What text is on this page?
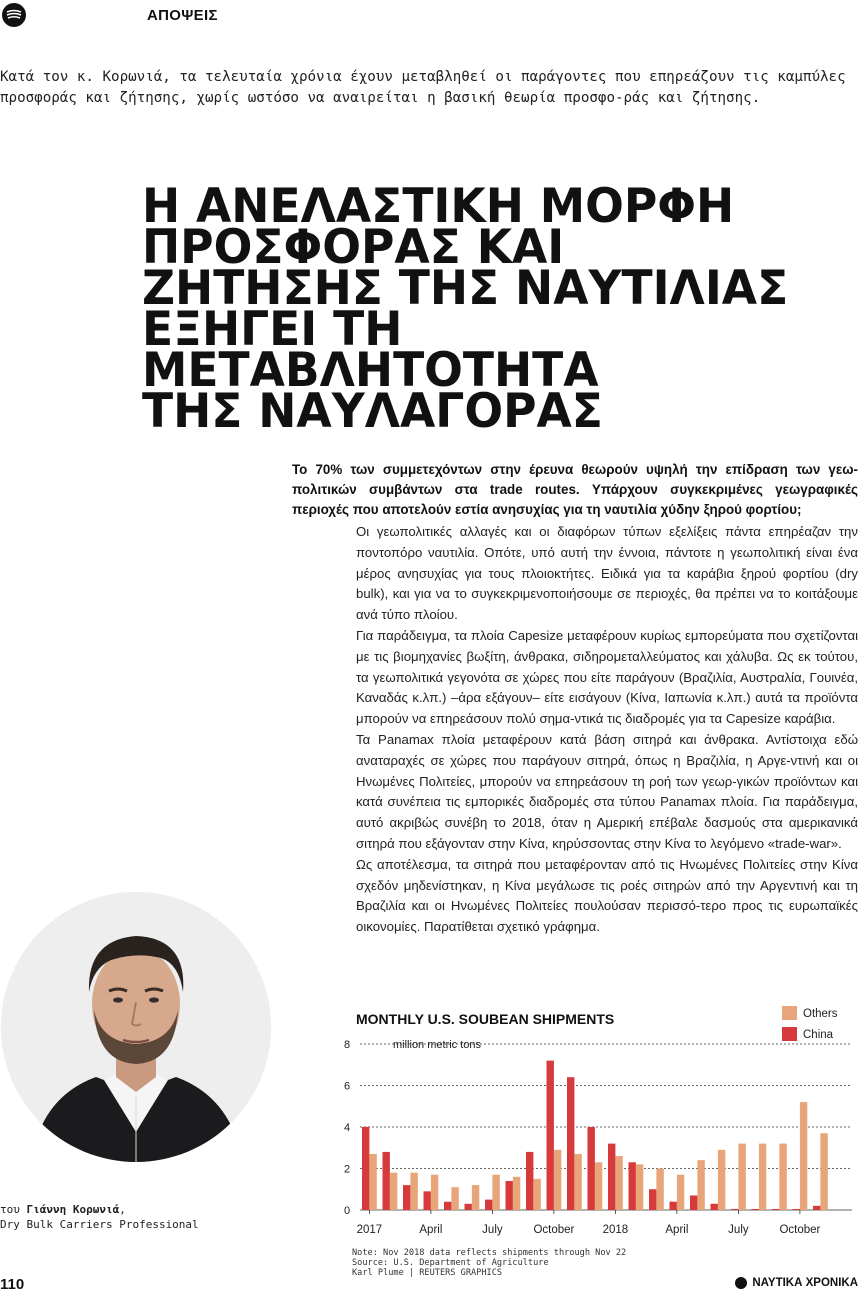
ΑΠΟΨΕΙΣ

Κατά τον κ. Κορωνιά, τα τελευταία χρόνια έχουν μεταβληθεί οι παράγοντες που επηρεάζουν τις καμπύλες προσφοράς και ζήτησης, χωρίς ωστόσο να αναιρείται η βασική θεωρία προσφο-ράς και ζήτησης.

Η ΑΝΕΛΑΣΤΙΚΗ ΜΟΡΦΗ
ΠΡΟΣΦΟΡΑΣ ΚΑΙ
ΖΗΤΗΣΗΣ ΤΗΣ ΝΑΥΤΙΛΙΑΣ
ΕΞΗΓΕΙ ΤΗ ΜΕΤΑΒΛΗΤΟΤΗΤΑ
ΤΗΣ ΝΑΥΛΑΓΟΡΑΣ

Το 70% των συμμετεχόντων στην έρευνα θεωρούν υψηλή την επίδραση των γεω-πολιτικών συμβάντων στα trade routes. Υπάρχουν συγκεκριμένες γεωγραφικές περιοχές που αποτελούν εστία ανησυχίας για τη ναυτιλία χύδην ξηρού φορτίου;

Οι γεωπολιτικές αλλαγές και οι διαφόρων τύπων εξελίξεις πάντα επηρέαζαν την ποντοπόρο ναυτιλία. Οπότε, υπό αυτή την έννοια, πάντοτε η γεωπολιτική είναι ένα μέρος ανησυχίας για τους πλοιοκτήτες. Ειδικά για τα καράβια ξηρού φορτίου (dry bulk), και για να το συγκεκριμενοποιήσουμε σε περιοχές, θα πρέπει να το κοιτάξουμε ανά τύπο πλοίου.

Για παράδειγμα, τα πλοία Capesize μεταφέρουν κυρίως εμπορεύματα που σχετίζονται με τις βιομηχανίες βωξίτη, άνθρακα, σιδηρομεταλλεύματος και χάλυβα. Ως εκ τούτου, τα γεωπολιτικά γεγονότα σε χώρες που είτε παράγουν (Βραζιλία, Αυστραλία, Γουινέα, Καναδάς κ.λπ.) –άρα εξάγουν– είτε εισάγουν (Κίνα, Ιαπωνία κ.λπ.) αυτά τα προϊόντα μπορούν να επηρεάσουν πολύ σημα-ντικά τις διαδρομές για τα Capesize καράβια.

Τα Panamax πλοία μεταφέρουν κατά βάση σιτηρά και άνθρακα. Αντίστοιχα εδώ αναταραχές σε χώρες που παράγουν σιτηρά, όπως η Βραζιλία, η Αργε-ντινή και οι Ηνωμένες Πολιτείες, μπορούν να επηρεάσουν τη ροή των γεωρ-γικών προϊόντων και κατά συνέπεια τις εμπορικές διαδρομές στα τύπου Panamax πλοία. Για παράδειγμα, αυτό ακριβώς συνέβη το 2018, όταν η Αμερική επέβαλε δασμούς στα αμερικανικά σιτηρά που εξάγονταν στην Κίνα, κηρύσσοντας στην Κίνα το λεγόμενο «trade-war».

Ως αποτέλεσμα, τα σιτηρά που μεταφέρονταν από τις Ηνωμένες Πολιτείες στην Κίνα σχεδόν μηδενίστηκαν, η Κίνα μεγάλωσε τις ροές σιτηρών από την Αργεντινή και τη Βραζιλία και οι Ηνωμένες Πολιτείες πουλούσαν περισσό-τερο προς τις ευρωπαϊκές οικονομίες. Παρατίθεται σχετικό γράφημα.

του Γιάννη Κορωνιά,
Dry Bulk Carriers Professional
MONTHLY U.S. SOUBEAN SHIPMENTS	Others
China
0
2
4
6
8	million metric tons
2017	April	July	October 2018	April	July	October
Note: Nov 2018 data reflects shipments through Nov 22
Source: U.S. Department of Agriculture
Karl Plume | REUTERS GRAPHICS
110	ΝΑΥΤΙΚΑ ΧΡΟΝΙΚΑ
